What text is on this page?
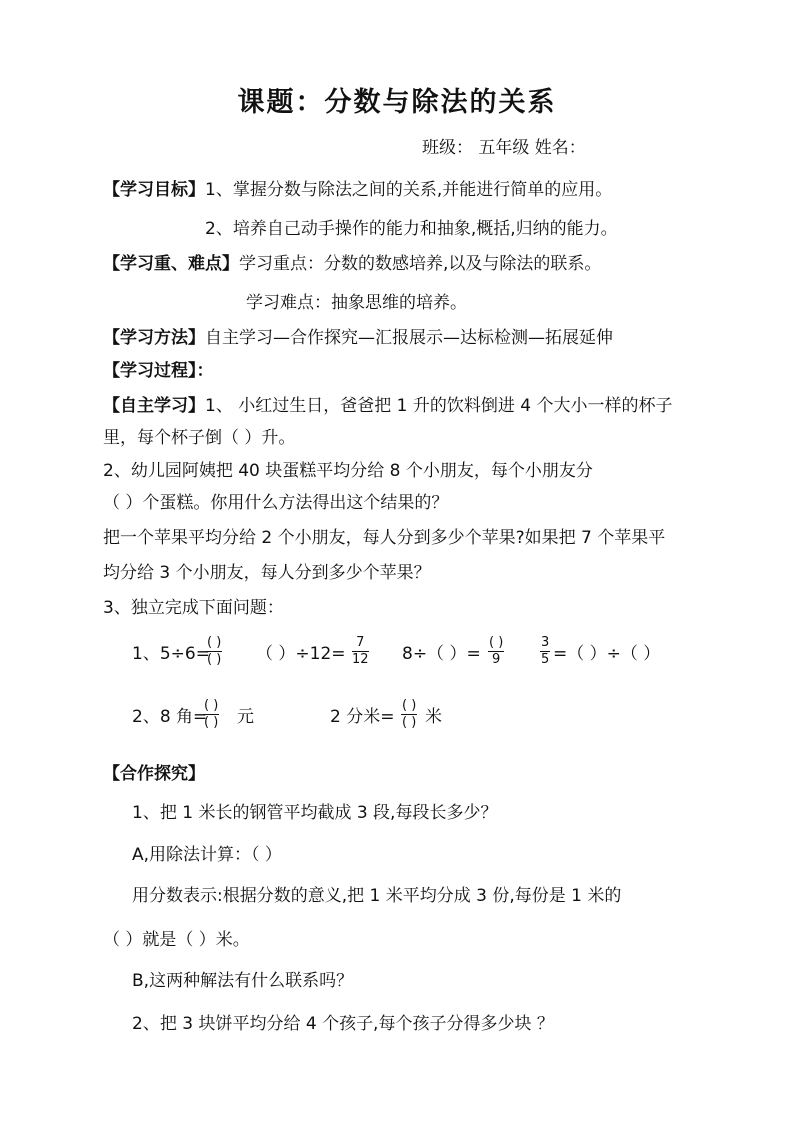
课题：分数与除法的关系
班级： 五年级 姓名：
【学习目标】1、掌握分数与除法之间的关系,并能进行简单的应用。
2、培养自己动手操作的能力和抽象,概括,归纳的能力。
【学习重、难点】学习重点：分数的数感培养,以及与除法的联系。
学习难点：抽象思维的培养。
【学习方法】自主学习—合作探究—汇报展示—达标检测—拓展延伸
【学习过程】：
【自主学习】1、 小红过生日，爸爸把 1 升的饮料倒进 4 个大小一样的杯子
里，每个杯子倒（ ）升。
2、幼儿园阿姨把 40 块蛋糕平均分给 8 个小朋友，每个小朋友分
（ ）个蛋糕。你用什么方法得出这个结果的？
把一个苹果平均分给 2 个小朋友，每人分到多少个苹果?如果把 7 个苹果平
均分给 3 个小朋友，每人分到多少个苹果？
3、独立完成下面问题：
1、5÷6=
( )
( ) （ ）$\div 12= \frac{7}{12} 8\div$（ ）=
( )
9	$\frac{3}{5}$ =（ ）÷（ ）
2、8 角=
( )
( ) 元	2 分米=
( )
( ) 米
【合作探究】
1、把 1 米长的钢管平均截成 3 段,每段长多少？
A,用除法计算：（ ）
用分数表示:根据分数的意义,把 1 米平均分成 3 份,每份是 1 米的
（ ）就是（ ）米。
B,这两种解法有什么联系吗？
2、把 3 块饼平均分给 4 个孩子,每个孩子分得多少块 ？
